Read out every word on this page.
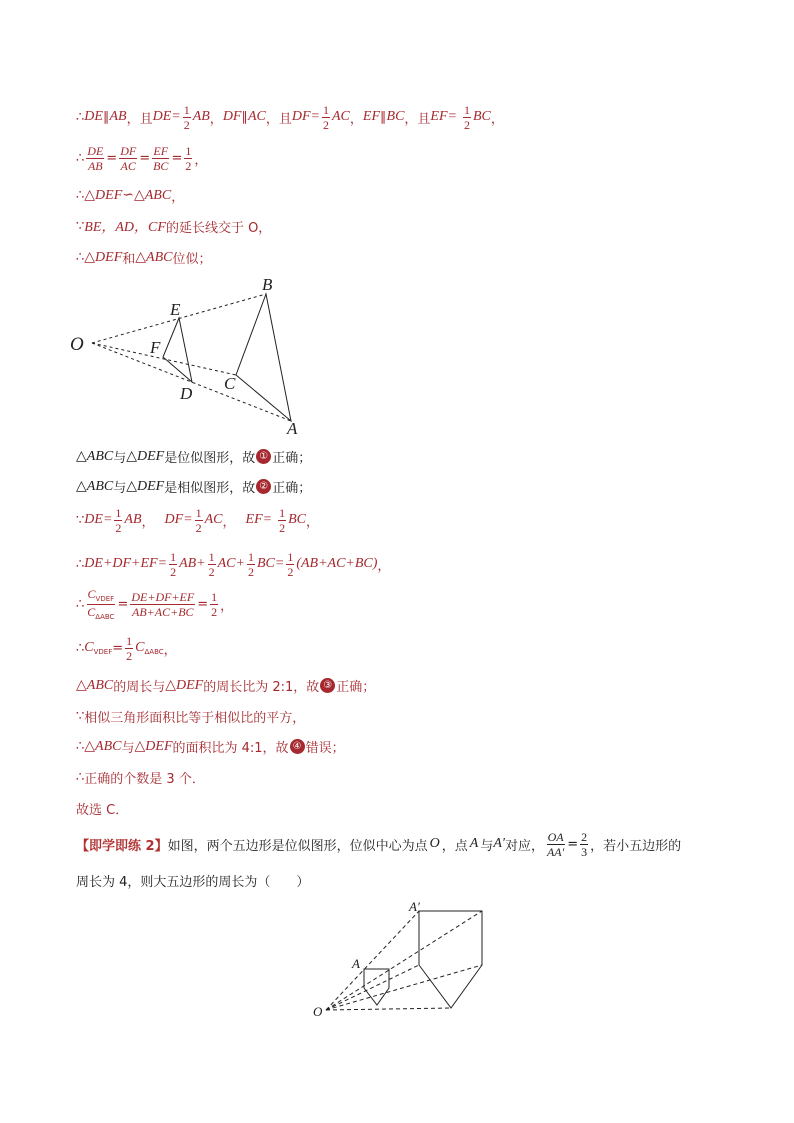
∴ DE ∥ AB ，且 $DE= \frac{1}{2}$ AB ， DF ∥ AC ，且 $DF= \frac{1}{2}$ AC ， EF ∥ BC ，且 $EF= \frac{1}{2}$ BC ，
∴ $\frac{DE}{AB} = \frac{DF}{AC} = \frac{EF}{BC} = \frac{1}{2}$ ，
∴ △DEF∽△ABC ，
∵ BE，AD，CF 的延长线交于 O，
∴ △DEF 和 △ABC 位似；
O
E
F
D
C
B
A
△ABC 与 △DEF 是位似图形，故 ① 正确；
△ABC 与 △DEF 是相似图形，故 ② 正确；
∵ $DE= \frac{1}{2}$ AB ， $DF= \frac{1}{2}$ AC ， $EF= \frac{1}{2}$ BC ，
∴ $DE+DF+EF= \frac{1}{2} AB+ \frac{1}{2} AC+ \frac{1}{2} BC= \frac{1}{2} (AB+AC+BC)$ ，
∴ $\frac{C_{VDEF}}{C_{\Delta ABC}} = \frac{DE+DF+EF}{AB+AC+BC} = \frac{1}{2}$ ，
∴ $C_{VDEF} = \frac{1}{2} C_{\Delta ABC}$ ，
△ABC 的周长与 △DEF 的周长比为 2:1，故 ③ 正确；
∵ 相似三角形面积比等于相似比的平方，
∴ △ABC 与 △DEF 的面积比为 4:1，故 ④ 错误；
∴ 正确的个数是 3 个．
故选 C．
【即学即练 2】 如图，两个五边形是位似图形，位似中心为点 O ，点 A 与 A′ 对应， $\frac{OA}{AA'} = \frac{2}{3}$ ，若小五边形的
周长为 4，则大五边形的周长为（　　）
A′
A
O
